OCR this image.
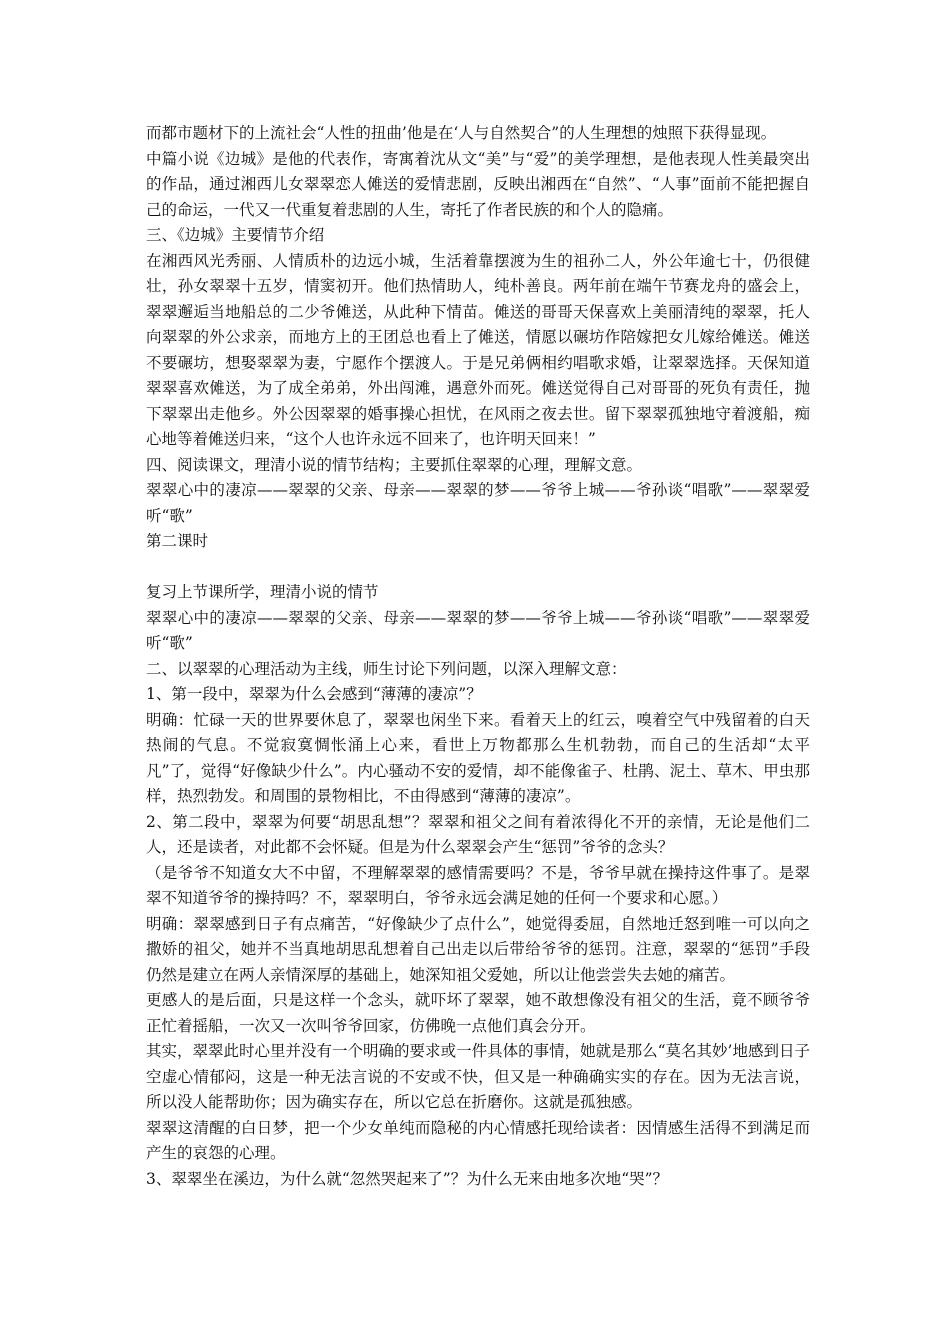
而都市题材下的上流社会“人性的扭曲’他是在‘人与自然契合”的人生理想的烛照下获得显现。

中篇小说《边城》是他的代表作，寄寓着沈从文“美”与“爱”的美学理想，是他表现人性美最突出的作品，通过湘西儿女翠翠恋人傩送的爱情悲剧，反映出湘西在“自然”、“人事”面前不能把握自己的命运，一代又一代重复着悲剧的人生，寄托了作者民族的和个人的隐痛。

三、《边城》主要情节介绍

在湘西风光秀丽、人情质朴的边远小城，生活着靠摆渡为生的祖孙二人，外公年逾七十，仍很健壮，孙女翠翠十五岁，情窦初开。他们热情助人，纯朴善良。两年前在端午节赛龙舟的盛会上，翠翠邂逅当地船总的二少爷傩送，从此种下情苗。傩送的哥哥天保喜欢上美丽清纯的翠翠，托人向翠翠的外公求亲，而地方上的王团总也看上了傩送，情愿以碾坊作陪嫁把女儿嫁给傩送。傩送不要碾坊，想娶翠翠为妻，宁愿作个摆渡人。于是兄弟俩相约唱歌求婚，让翠翠选择。天保知道翠翠喜欢傩送，为了成全弟弟，外出闯滩，遇意外而死。傩送觉得自己对哥哥的死负有责任，抛下翠翠出走他乡。外公因翠翠的婚事操心担忧，在风雨之夜去世。留下翠翠孤独地守着渡船，痴心地等着傩送归来，“这个人也许永远不回来了，也许明天回来！”

四、阅读课文，理清小说的情节结构；主要抓住翠翠的心理，理解文意。

翠翠心中的凄凉——翠翠的父亲、母亲——翠翠的梦——爷爷上城——爷孙谈“唱歌”——翠翠爱听“歌”

第二课时

复习上节课所学，理清小说的情节

翠翠心中的凄凉——翠翠的父亲、母亲——翠翠的梦——爷爷上城——爷孙谈“唱歌”——翠翠爱听“歌”

二、以翠翠的心理活动为主线，师生讨论下列问题，以深入理解文意：

1、第一段中，翠翠为什么会感到“薄薄的凄凉”？

明确：忙碌一天的世界要休息了，翠翠也闲坐下来。看着天上的红云，嗅着空气中残留着的白天热闹的气息。不觉寂寞惆怅涌上心来，看世上万物都那么生机勃勃，而自己的生活却“太平凡”了，觉得“好像缺少什么”。内心骚动不安的爱情，却不能像雀子、杜鹃、泥土、草木、甲虫那样，热烈勃发。和周围的景物相比，不由得感到“薄薄的凄凉”。

2、第二段中，翠翠为何要“胡思乱想”？翠翠和祖父之间有着浓得化不开的亲情，无论是他们二人，还是读者，对此都不会怀疑。但是为什么翠翠会产生“惩罚”爷爷的念头？

（是爷爷不知道女大不中留，不理解翠翠的感情需要吗？不是，爷爷早就在操持这件事了。是翠翠不知道爷爷的操持吗？不，翠翠明白，爷爷永远会满足她的任何一个要求和心愿。）

明确：翠翠感到日子有点痛苦，“好像缺少了点什么”，她觉得委屈，自然地迁怒到唯一可以向之撒娇的祖父，她并不当真地胡思乱想着自己出走以后带给爷爷的惩罚。注意，翠翠的“惩罚”手段仍然是建立在两人亲情深厚的基础上，她深知祖父爱她，所以让他尝尝失去她的痛苦。

更感人的是后面，只是这样一个念头，就吓坏了翠翠，她不敢想像没有祖父的生活，竟不顾爷爷正忙着摇船，一次又一次叫爷爷回家，仿佛晚一点他们真会分开。

其实，翠翠此时心里并没有一个明确的要求或一件具体的事情，她就是那么“莫名其妙’地感到日子空虚心情郁闷，这是一种无法言说的不安或不快，但又是一种确确实实的存在。因为无法言说，所以没人能帮助你；因为确实存在，所以它总在折磨你。这就是孤独感。

翠翠这清醒的白日梦，把一个少女单纯而隐秘的内心情感托现给读者：因情感生活得不到满足而产生的哀怨的心理。

3、翠翠坐在溪边，为什么就“忽然哭起来了”？为什么无来由地多次地“哭”？
